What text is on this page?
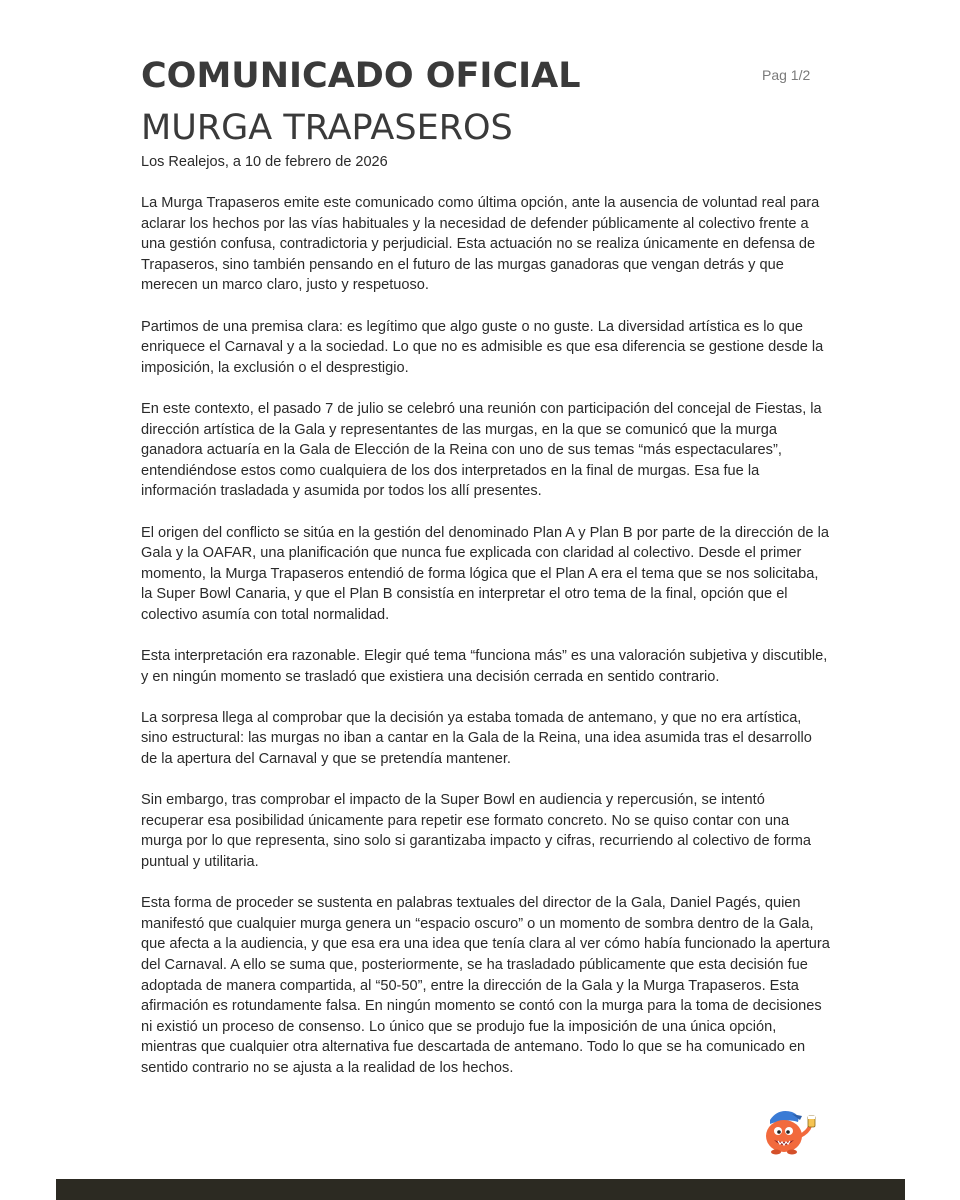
COMUNICADO OFICIAL
MURGA TRAPASEROS
Pag 1/2
Los Realejos, a 10 de febrero de 2026

La Murga Trapaseros emite este comunicado como última opción, ante la ausencia de voluntad real para aclarar los hechos por las vías habituales y la necesidad de defender públicamente al colectivo frente a una gestión confusa, contradictoria y perjudicial. Esta actuación no se realiza únicamente en defensa de Trapaseros, sino también pensando en el futuro de las murgas ganadoras que vengan detrás y que merecen un marco claro, justo y respetuoso.

Partimos de una premisa clara: es legítimo que algo guste o no guste. La diversidad artística es lo que enriquece el Carnaval y a la sociedad. Lo que no es admisible es que esa diferencia se gestione desde la imposición, la exclusión o el desprestigio.

En este contexto, el pasado 7 de julio se celebró una reunión con participación del concejal de Fiestas, la dirección artística de la Gala y representantes de las murgas, en la que se comunicó que la murga ganadora actuaría en la Gala de Elección de la Reina con uno de sus temas “más espectaculares”, entendiéndose estos como cualquiera de los dos interpretados en la final de murgas. Esa fue la información trasladada y asumida por todos los allí presentes.

El origen del conflicto se sitúa en la gestión del denominado Plan A y Plan B por parte de la dirección de la Gala y la OAFAR, una planificación que nunca fue explicada con claridad al colectivo. Desde el primer momento, la Murga Trapaseros entendió de forma lógica que el Plan A era el tema que se nos solicitaba, la Super Bowl Canaria, y que el Plan B consistía en interpretar el otro tema de la final, opción que el colectivo asumía con total normalidad.

Esta interpretación era razonable. Elegir qué tema “funciona más” es una valoración subjetiva y discutible, y en ningún momento se trasladó que existiera una decisión cerrada en sentido contrario.

La sorpresa llega al comprobar que la decisión ya estaba tomada de antemano, y que no era artística, sino estructural: las murgas no iban a cantar en la Gala de la Reina, una idea asumida tras el desarrollo de la apertura del Carnaval y que se pretendía mantener.

Sin embargo, tras comprobar el impacto de la Super Bowl en audiencia y repercusión, se intentó recuperar esa posibilidad únicamente para repetir ese formato concreto. No se quiso contar con una murga por lo que representa, sino solo si garantizaba impacto y cifras, recurriendo al colectivo de forma puntual y utilitaria.

Esta forma de proceder se sustenta en palabras textuales del director de la Gala, Daniel Pagés, quien manifestó que cualquier murga genera un “espacio oscuro” o un momento de sombra dentro de la Gala, que afecta a la audiencia, y que esa era una idea que tenía clara al ver cómo había funcionado la apertura del Carnaval. A ello se suma que, posteriormente, se ha trasladado públicamente que esta decisión fue adoptada de manera compartida, al “50-50”, entre la dirección de la Gala y la Murga Trapaseros. Esta afirmación es rotundamente falsa. En ningún momento se contó con la murga para la toma de decisiones ni existió un proceso de consenso. Lo único que se produjo fue la imposición de una única opción, mientras que cualquier otra alternativa fue descartada de antemano. Todo lo que se ha comunicado en sentido contrario no se ajusta a la realidad de los hechos.
